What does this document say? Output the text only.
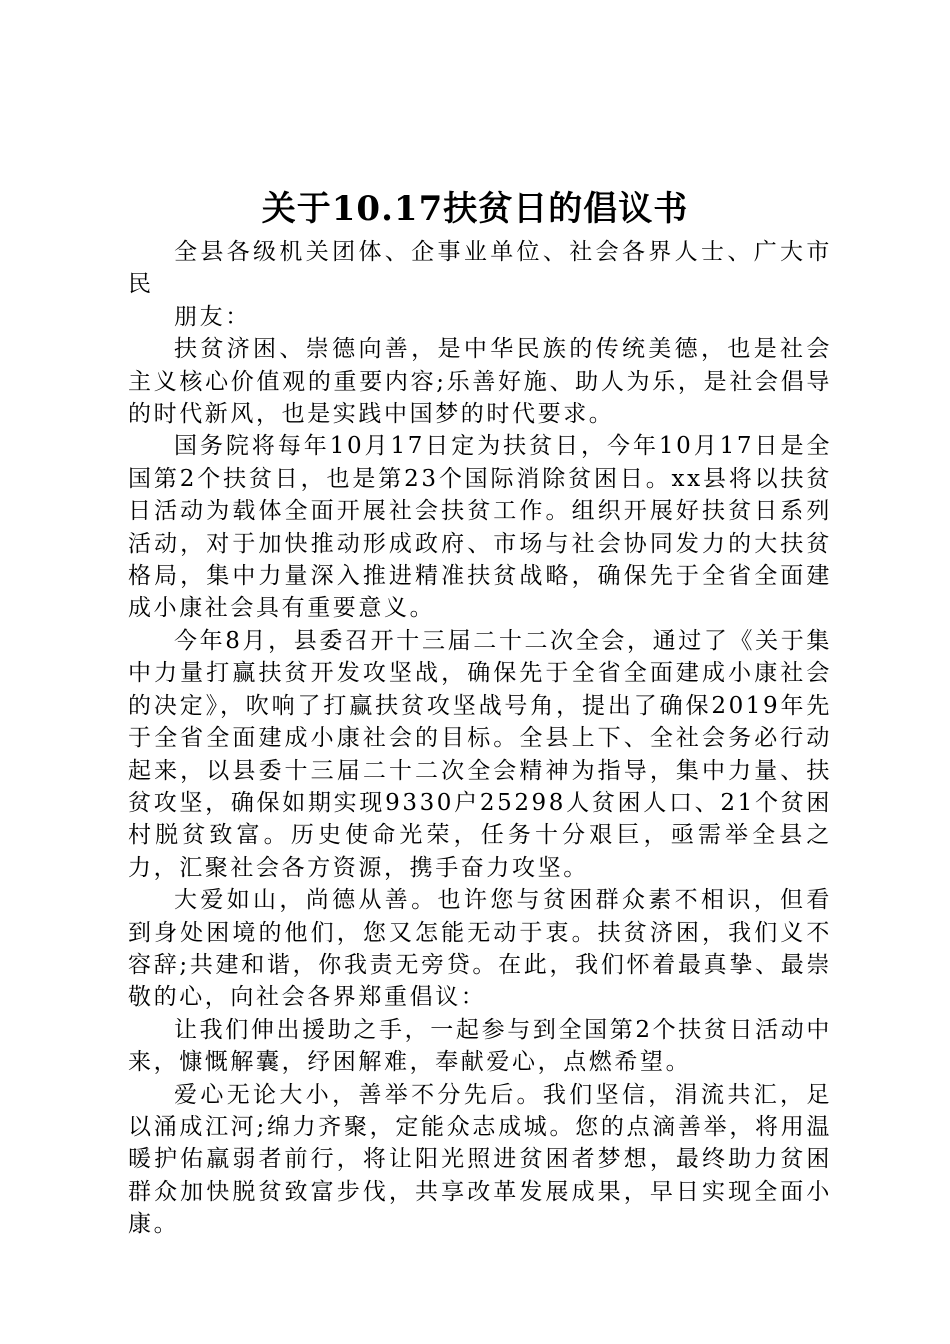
关于10.17扶贫日的倡议书

全县各级机关团体、企事业单位、社会各界人士、广大市民

朋友：

扶贫济困、崇德向善，是中华民族的传统美德，也是社会主义核心价值观的重要内容;乐善好施、助人为乐，是社会倡导的时代新风，也是实践中国梦的时代要求。

国务院将每年10月17日定为扶贫日，今年10月17日是全国第2个扶贫日，也是第23个国际消除贫困日。xx县将以扶贫日活动为载体全面开展社会扶贫工作。组织开展好扶贫日系列活动，对于加快推动形成政府、市场与社会协同发力的大扶贫格局，集中力量深入推进精准扶贫战略，确保先于全省全面建成小康社会具有重要意义。

今年8月，县委召开十三届二十二次全会，通过了《关于集中力量打赢扶贫开发攻坚战，确保先于全省全面建成小康社会的决定》，吹响了打赢扶贫攻坚战号角，提出了确保2019年先于全省全面建成小康社会的目标。全县上下、全社会务必行动起来，以县委十三届二十二次全会精神为指导，集中力量、扶贫攻坚，确保如期实现9330户25298人贫困人口、21个贫困村脱贫致富。历史使命光荣，任务十分艰巨，亟需举全县之力，汇聚社会各方资源，携手奋力攻坚。

大爱如山，尚德从善。也许您与贫困群众素不相识，但看到身处困境的他们，您又怎能无动于衷。扶贫济困，我们义不容辞;共建和谐，你我责无旁贷。在此，我们怀着最真挚、最崇敬的心，向社会各界郑重倡议：

让我们伸出援助之手，一起参与到全国第2个扶贫日活动中来，慷慨解囊，纾困解难，奉献爱心，点燃希望。

爱心无论大小，善举不分先后。我们坚信，涓流共汇，足以涌成江河;绵力齐聚，定能众志成城。您的点滴善举，将用温暖护佑羸弱者前行，将让阳光照进贫困者梦想，最终助力贫困群众加快脱贫致富步伐，共享改革发展成果，早日实现全面小康。
